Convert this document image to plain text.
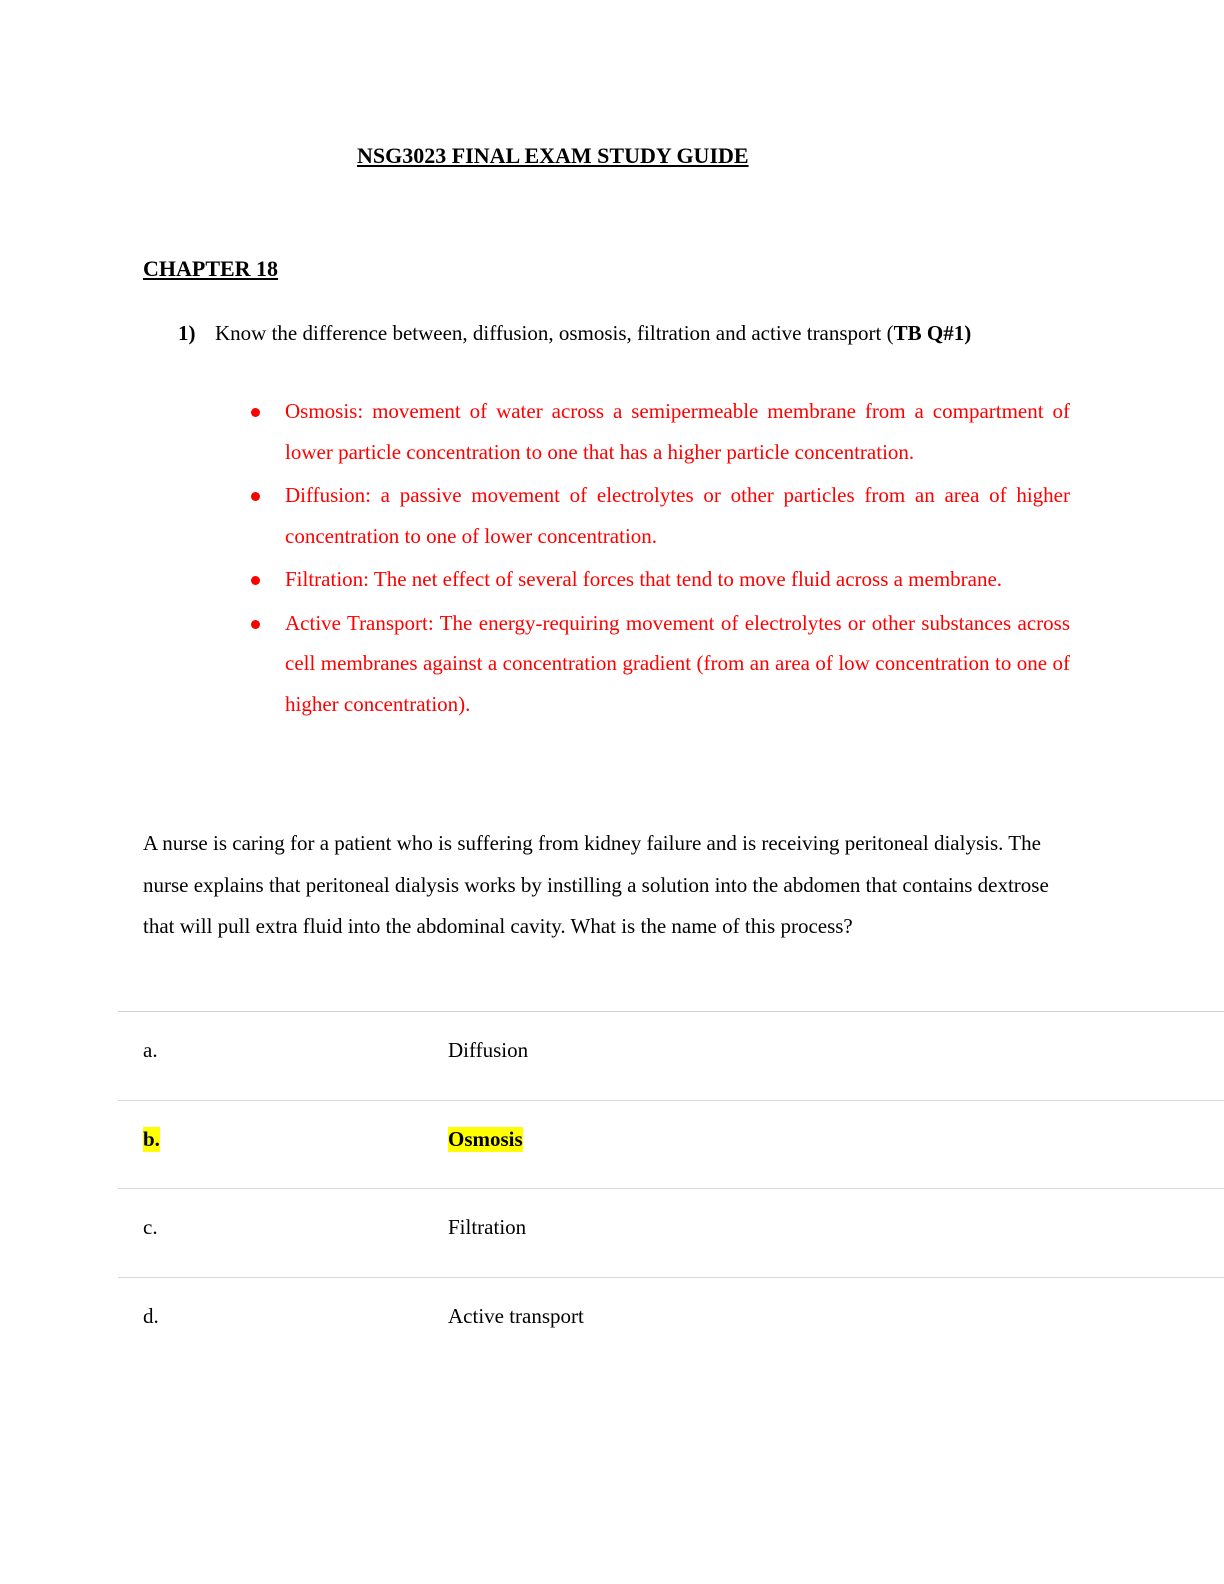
NSG3023 FINAL EXAM STUDY GUIDE
CHAPTER 18
1) Know the difference between, diffusion, osmosis, filtration and active transport (TB Q#1)
Osmosis: movement of water across a semipermeable membrane from a compartment of lower particle concentration to one that has a higher particle concentration.
Diffusion: a passive movement of electrolytes or other particles from an area of higher concentration to one of lower concentration.
Filtration: The net effect of several forces that tend to move fluid across a membrane.
Active Transport: The energy-requiring movement of electrolytes or other substances across cell membranes against a concentration gradient (from an area of low concentration to one of higher concentration).
A nurse is caring for a patient who is suffering from kidney failure and is receiving peritoneal dialysis. The nurse explains that peritoneal dialysis works by instilling a solution into the abdomen that contains dextrose that will pull extra fluid into the abdominal cavity. What is the name of this process?
a.	Diffusion
b.	Osmosis
c.	Filtration
d.	Active transport
